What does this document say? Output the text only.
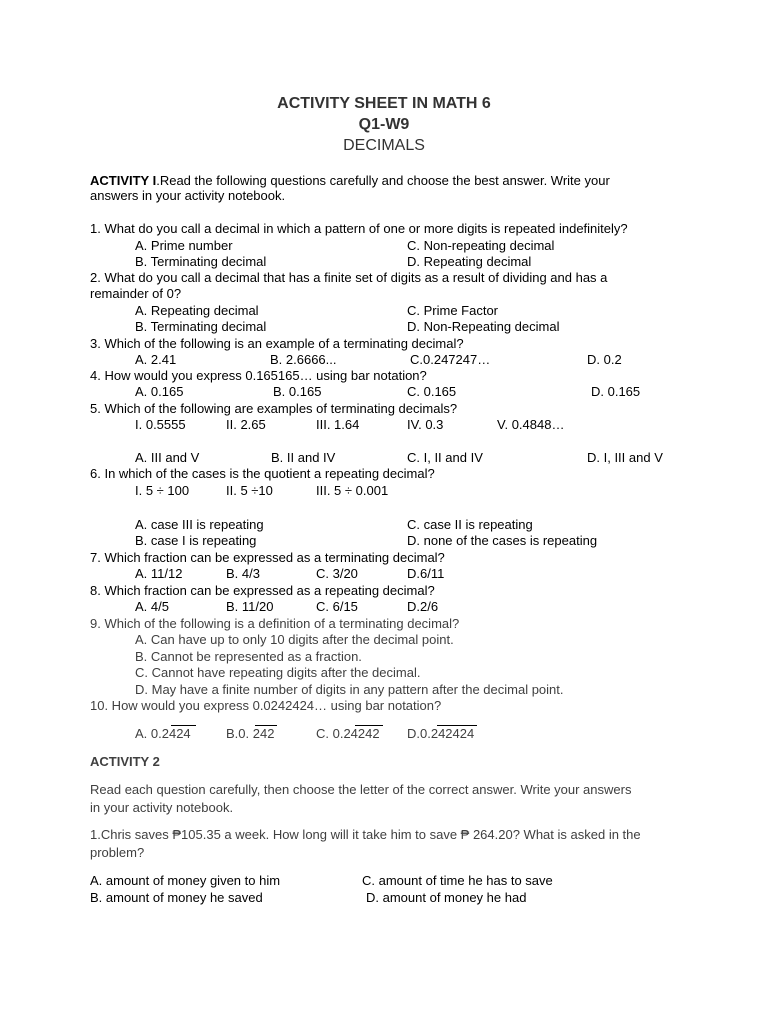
ACTIVITY SHEET IN MATH 6
Q1-W9
DECIMALS
ACTIVITY I.Read the following questions carefully and choose the best answer. Write your
answers in your activity notebook.
1. What do you call a decimal in which a pattern of one or more digits is repeated indefinitely?
A. Prime number	C. Non-repeating decimal
B. Terminating decimal	D. Repeating decimal
2. What do you call a decimal that has a finite set of digits as a result of dividing and has a
remainder of 0?
A. Repeating decimal	C. Prime Factor
B. Terminating decimal	D. Non-Repeating decimal
3. Which of the following is an example of a terminating decimal?
A. 2.41	B. 2.6666...	C.0.247247…	D. 0.2
4. How would you express 0.165165… using bar notation?
A. 0.165	B. 0.165	C. 0.165	D. 0.165
5. Which of the following are examples of terminating decimals?
I. 0.5555	II. 2.65	III. 1.64	IV. 0.3	V. 0.4848…
A. III and V	B. II and IV	C. I, II and IV	D. I, III and V
6. In which of the cases is the quotient a repeating decimal?
I. 5 ÷ 100	II. 5 ÷10	III. 5 ÷ 0.001
A. case III is repeating	C. case II is repeating
B. case I is repeating	D. none of the cases is repeating
7. Which fraction can be expressed as a terminating decimal?
A. 11/12	B. 4/3	C. 3/20	D.6/11
8. Which fraction can be expressed as a repeating decimal?
A. 4/5	B. 11/20	C. 6/15	D.2/6
9. Which of the following is a definition of a terminating decimal?
A. Can have up to only 10 digits after the decimal point.
B. Cannot be represented as a fraction.
C. Cannot have repeating digits after the decimal.
D. May have a finite number of digits in any pattern after the decimal point.
10. How would you express 0.0242424… using bar notation?
A. 0.2424	B.0. 242	C. 0.24242 D.0.242424
ACTIVITY 2
Read each question carefully, then choose the letter of the correct answer. Write your answers
in your activity notebook.
1.Chris saves ₱105.35 a week. How long will it take him to save ₱ 264.20? What is asked in the
problem?
A. amount of money given to him	C. amount of time he has to save
B. amount of money he saved	D. amount of money he had
